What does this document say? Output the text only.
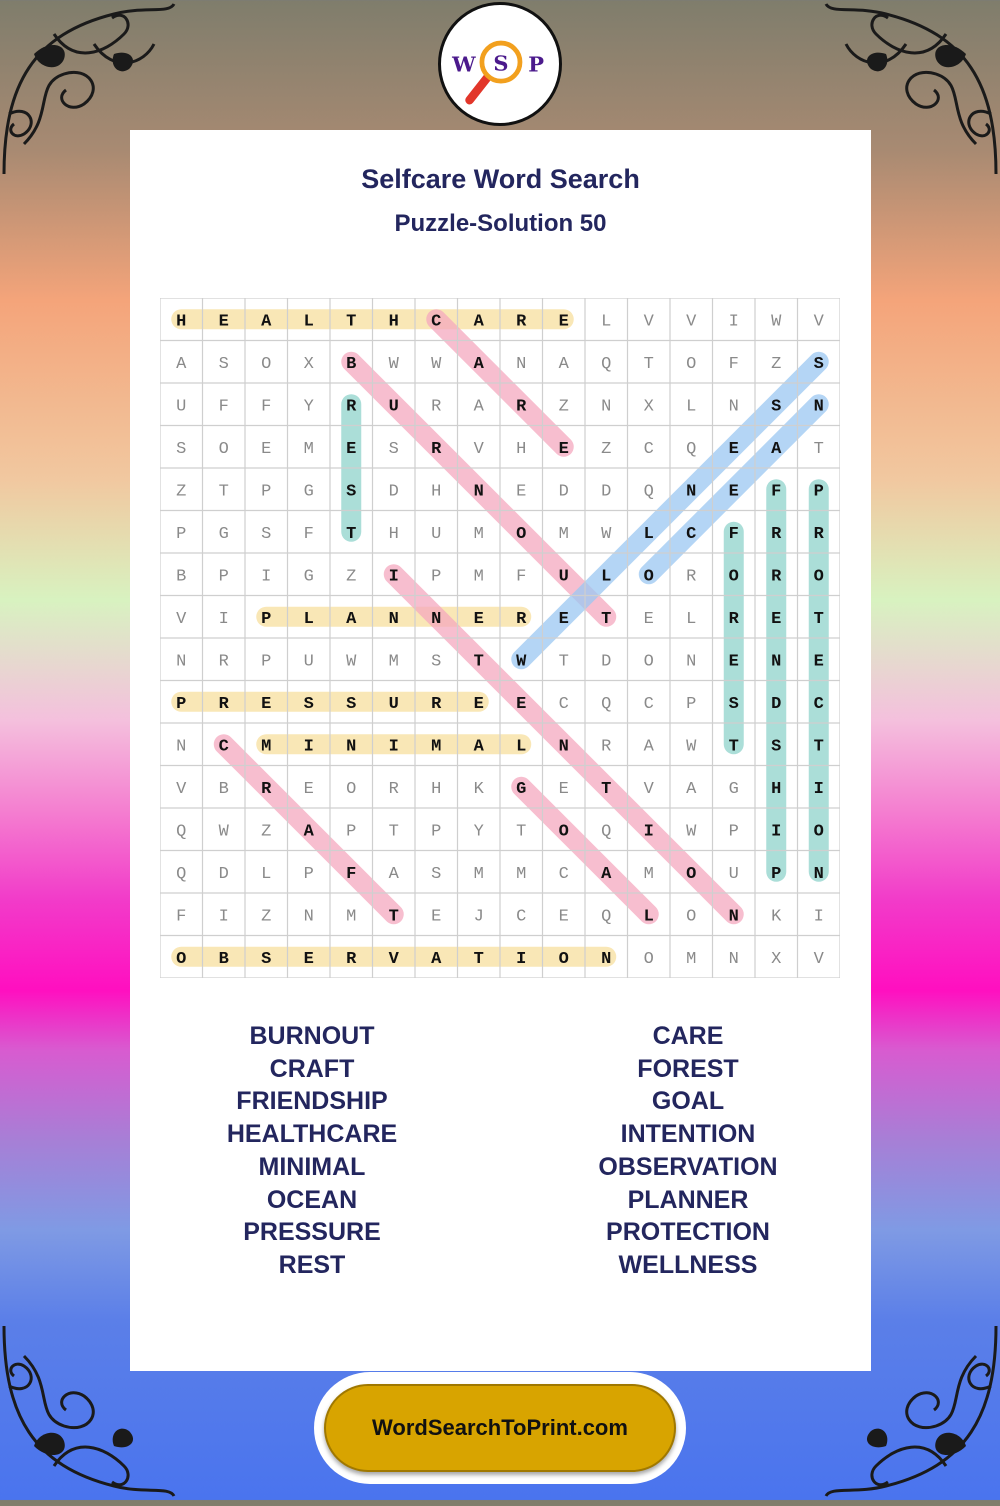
W S P
Selfcare Word Search
Puzzle-Solution 50
H E A L T H C A R E L V V I W V
A S O X B W W A N A Q T O F Z S
U F F Y R U R A R Z N X L N S N
S O E M E S R V H E Z C Q E A T
Z T P G S D H N E D D Q N E F P
P G S F T H U M O M W L C F R R
B P I G Z I P M F U L O R O R O
V I P L A N N E R E T E L R E T
N R P U W M S T W T D O N E N E
P R E S S U R E E C Q C P S D C
N C M I N I M A L N R A W T S T
V B R E O R H K G E T V A G H I
Q W Z A P T P Y T O Q I W P I O
Q D L P F A S M M C A M O U P N
F I Z N M T E J C E Q L O N K I
O B S E R V A T I O N O M N X V
BURNOUT
CRAFT
FRIENDSHIP
HEALTHCARE
MINIMAL
OCEAN
PRESSURE
REST
CARE
FOREST
GOAL
INTENTION
OBSERVATION
PLANNER
PROTECTION
WELLNESS
WordSearchToPrint.com
